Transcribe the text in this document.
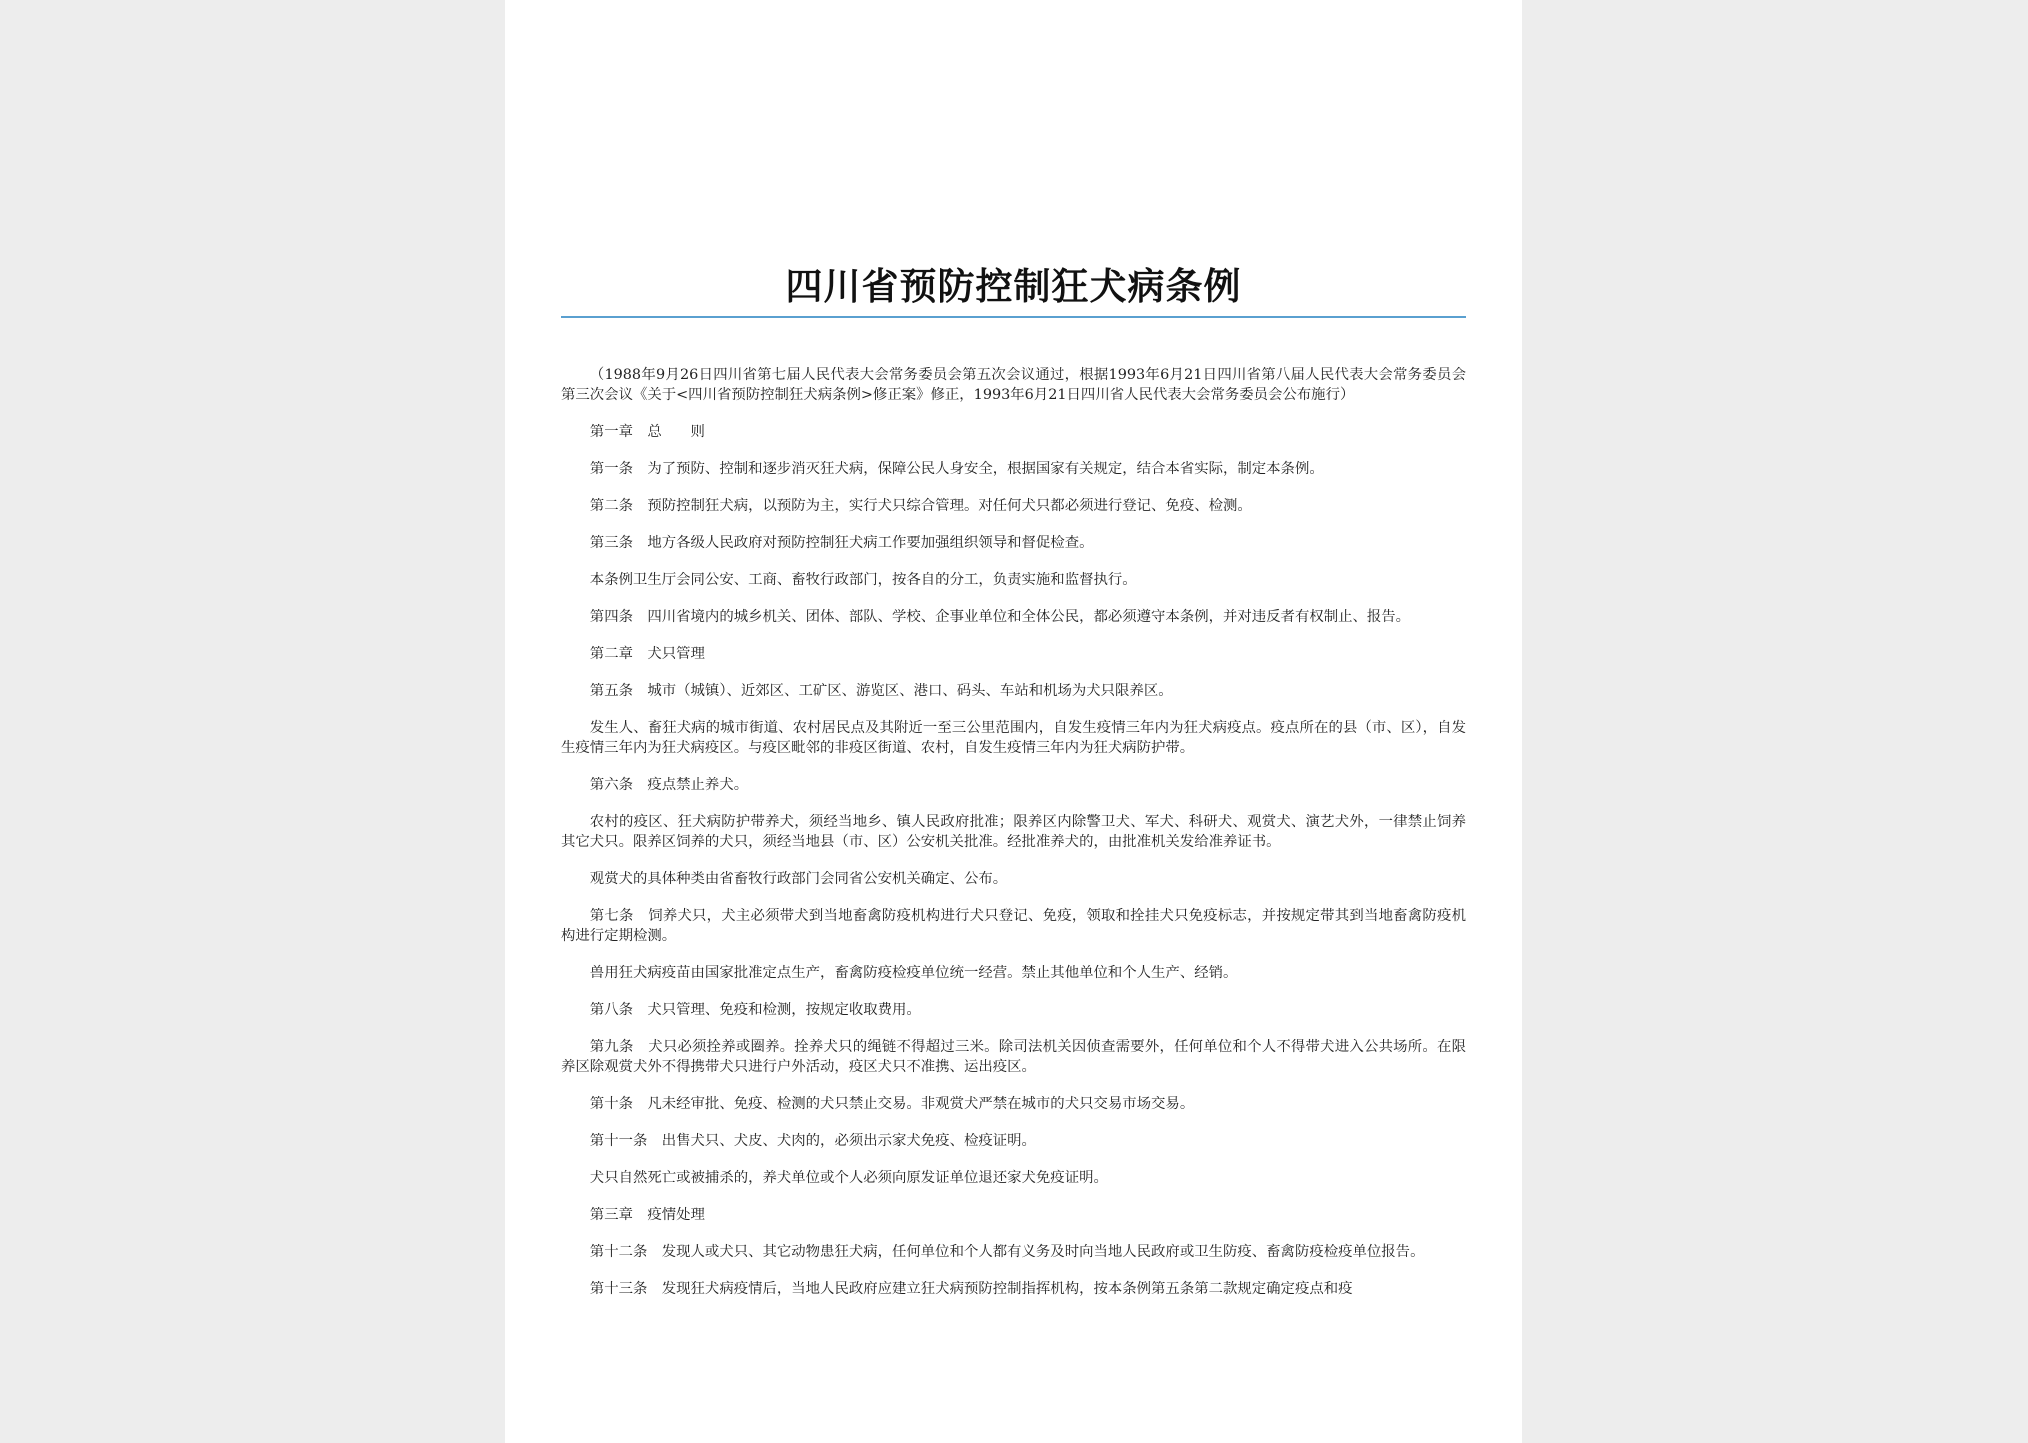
四川省预防控制狂犬病条例

（1988年9月26日四川省第七届人民代表大会常务委员会第五次会议通过，根据1993年6月21日四川省第八届人民代表大会常务委员会第三次会议《关于<四川省预防控制狂犬病条例>修正案》修正，1993年6月21日四川省人民代表大会常务委员会公布施行）

第一章　总　　则

第一条　为了预防、控制和逐步消灭狂犬病，保障公民人身安全，根据国家有关规定，结合本省实际，制定本条例。

第二条　预防控制狂犬病，以预防为主，实行犬只综合管理。对任何犬只都必须进行登记、免疫、检测。

第三条　地方各级人民政府对预防控制狂犬病工作要加强组织领导和督促检查。

本条例卫生厅会同公安、工商、畜牧行政部门，按各自的分工，负责实施和监督执行。

第四条　四川省境内的城乡机关、团体、部队、学校、企事业单位和全体公民，都必须遵守本条例，并对违反者有权制止、报告。

第二章　犬只管理

第五条　城市（城镇）、近郊区、工矿区、游览区、港口、码头、车站和机场为犬只限养区。

发生人、畜狂犬病的城市街道、农村居民点及其附近一至三公里范围内，自发生疫情三年内为狂犬病疫点。疫点所在的县（市、区），自发生疫情三年内为狂犬病疫区。与疫区毗邻的非疫区街道、农村，自发生疫情三年内为狂犬病防护带。

第六条　疫点禁止养犬。

农村的疫区、狂犬病防护带养犬，须经当地乡、镇人民政府批准；限养区内除警卫犬、军犬、科研犬、观赏犬、演艺犬外，一律禁止饲养其它犬只。限养区饲养的犬只，须经当地县（市、区）公安机关批准。经批准养犬的，由批准机关发给准养证书。

观赏犬的具体种类由省畜牧行政部门会同省公安机关确定、公布。

第七条　饲养犬只，犬主必须带犬到当地畜禽防疫机构进行犬只登记、免疫，领取和拴挂犬只免疫标志，并按规定带其到当地畜禽防疫机构进行定期检测。

兽用狂犬病疫苗由国家批准定点生产，畜禽防疫检疫单位统一经营。禁止其他单位和个人生产、经销。

第八条　犬只管理、免疫和检测，按规定收取费用。

第九条　犬只必须拴养或圈养。拴养犬只的绳链不得超过三米。除司法机关因侦查需要外，任何单位和个人不得带犬进入公共场所。在限养区除观赏犬外不得携带犬只进行户外活动，疫区犬只不准携、运出疫区。

第十条　凡未经审批、免疫、检测的犬只禁止交易。非观赏犬严禁在城市的犬只交易市场交易。

第十一条　出售犬只、犬皮、犬肉的，必须出示家犬免疫、检疫证明。

犬只自然死亡或被捕杀的，养犬单位或个人必须向原发证单位退还家犬免疫证明。

第三章　疫情处理

第十二条　发现人或犬只、其它动物患狂犬病，任何单位和个人都有义务及时向当地人民政府或卫生防疫、畜禽防疫检疫单位报告。

第十三条　发现狂犬病疫情后，当地人民政府应建立狂犬病预防控制指挥机构，按本条例第五条第二款规定确定疫点和疫
